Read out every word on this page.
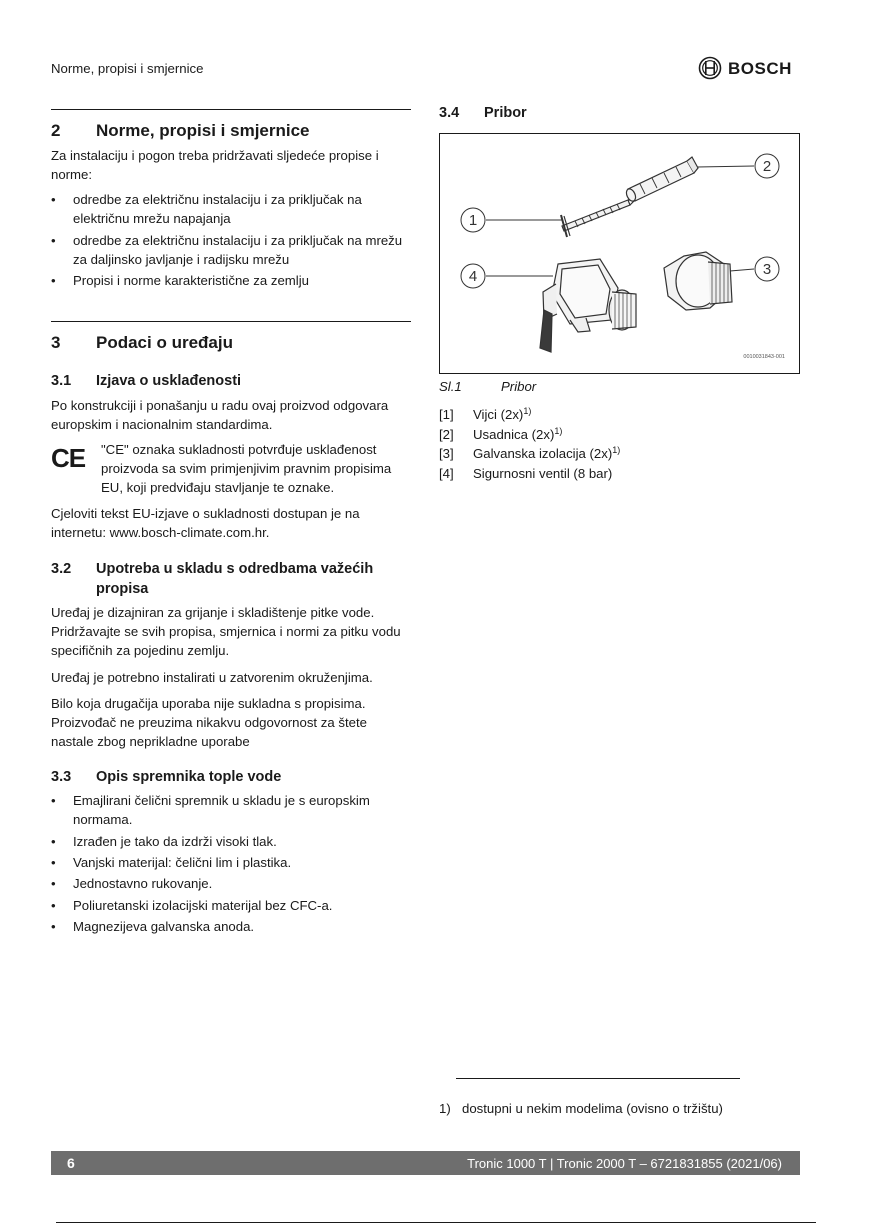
Norme, propisi i smjernice	BOSCH
2	Norme, propisi i smjernice

Za instalaciju i pogon treba pridržavati sljedeće propise i norme:

•	odredbe za električnu instalaciju i za priključak na električnu mrežu napajanja
•	odredbe za električnu instalaciju i za priključak na mrežu za daljinsko javljanje i radijsku mrežu
•	Propisi i norme karakteristične za zemlju
3	Podaci o uređaju
3.1	Izjava o usklađenosti

Po konstrukciji i ponašanju u radu ovaj proizvod odgovara europskim i nacionalnim standardima.

CE	"CE" oznaka sukladnosti potvrđuje usklađenost proizvoda sa svim primjenjivim pravnim propisima EU, koji predviđaju stavljanje te oznake.

Cjeloviti tekst EU-izjave o sukladnosti dostupan je na internetu: www.bosch-climate.com.hr.

3.2	Upotreba u skladu s odredbama važećih propisa

Uređaj je dizajniran za grijanje i skladištenje pitke vode. Pridržavajte se svih propisa, smjernica i normi za pitku vodu specifičnih za pojedinu zemlju.

Uređaj je potrebno instalirati u zatvorenim okruženjima.

Bilo koja drugačija uporaba nije sukladna s propisima. Proizvođač ne preuzima nikakvu odgovornost za štete nastale zbog neprikladne uporabe

3.3	Opis spremnika tople vode
•	Emajlirani čelični spremnik u skladu je s europskim normama.
•	Izrađen je tako da izdrži visoki tlak.
•	Vanjski materijal: čelični lim i plastika.
•	Jednostavno rukovanje.
•	Poliuretanski izolacijski materijal bez CFC-a.
•	Magnezijeva galvanska anoda.
3.4	Pribor
1
2
3
4
0010031843-001
Sl.1	Pribor
[1]	Vijci $(2x)^{1)}$
[2]	Usadnica $(2x)^{1)}$
[3]	Galvanska izolacija $(2x)^{1)}$
[4]	Sigurnosni ventil (8 bar)
1) dostupni u nekim modelima (ovisno o tržištu)
6	Tronic 1000 T | Tronic 2000 T – 6721831855 (2021/06)
